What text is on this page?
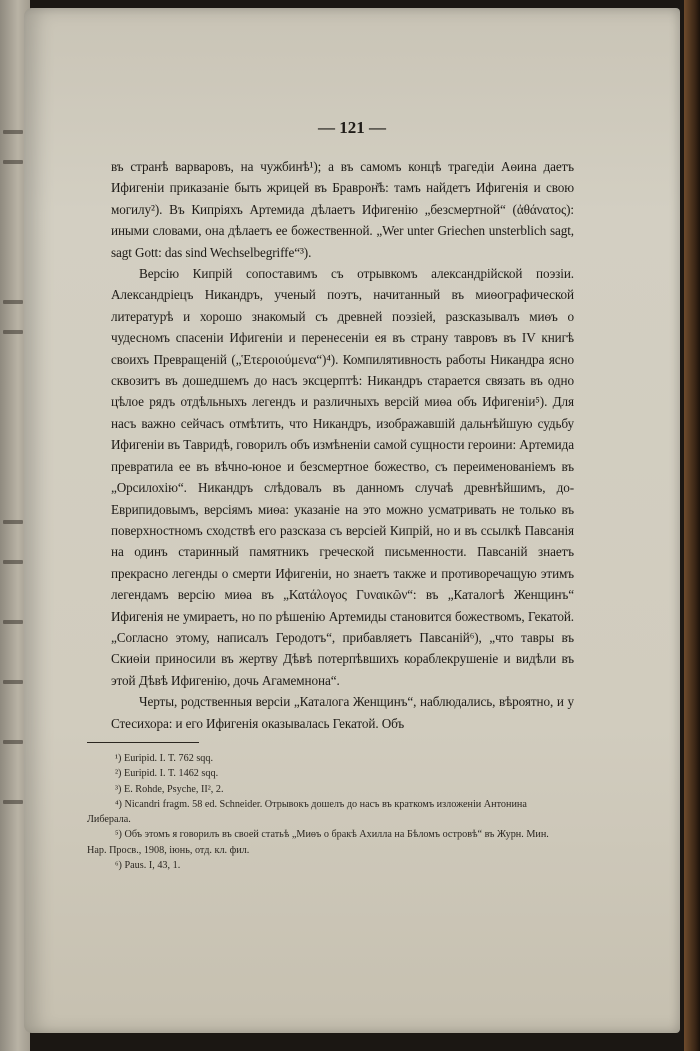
— 121 —

въ странѣ варваровъ, на чужбинѣ¹); а въ самомъ концѣ трагедіи Аѳина даетъ Ифигеніи приказаніе быть жрицей въ Браврон̆ѣ: тамъ найдетъ Ифигенія и свою могилу²). Въ Кипріяхъ Артемида дѣлаетъ Ифигенію „безсмертной“ (ἀθάνατος): иными словами, она дѣлаетъ ее божественной. „Wer unter Griechen unsterblich sagt, sagt Gott: das sind Wechselbegriffe“³).

Версію Кипрій сопоставимъ съ отрывкомъ александрійской поэзіи. Александріецъ Никандръ, ученый поэтъ, начитанный въ миѳографической литературѣ и хорошо знакомый съ древней поэзіей, разсказывалъ миѳъ о чудесномъ спасеніи Ифигеніи и перенесеніи ея въ страну тавровъ въ IV книгѣ своихъ Превращеній („Ἑτεροιούμενα“)⁴). Компилятивность работы Никандра ясно сквозитъ въ дошедшемъ до насъ эксцерптѣ: Никандръ старается связать въ одно цѣлое рядъ отдѣльныхъ легендъ и различныхъ версій миѳа объ Ифигеніи⁵). Для насъ важно сейчасъ отмѣтить, что Никандръ, изображавшій дальнѣйшую судьбу Ифигеніи въ Тавридѣ, говорилъ объ измѣненіи самой сущности героини: Артемида превратила ее въ вѣчно-юное и безсмертное божество, съ переименованіемъ въ „Орсилохію“. Никандръ слѣдовалъ въ данномъ случаѣ древнѣйшимъ, до-Еврипидовымъ, версіямъ миѳа: указаніе на это можно усматривать не только въ поверхностномъ сходствѣ его разсказа съ версіей Кипрій, но и въ ссылкѣ Павсанія на одинъ старинный памятникъ греческой письменности. Павсаній знаетъ прекрасно легенды о смерти Ифигеніи, но знаетъ также и противоречащую этимъ легендамъ версію миѳа въ „Κατάλογος Γυναικῶν“: въ „Каталогѣ Женщинъ“ Ифигенія не умираетъ, но по рѣшенію Артемиды становится божествомъ, Гекатой. „Согласно этому, написалъ Геродотъ“, прибавляетъ Павсаній⁶), „что тавры въ Скиѳіи приносили въ жертву Дѣвѣ потерпѣвшихъ кораблекрушеніе и видѣли въ этой Дѣвѣ Ифигенію, дочь Агамемнона“.

Черты, родственныя версіи „Каталога Женщинъ“, наблюдались, вѣроятно, и у Стесихора: и его Ифигенія оказывалась Гекатой. Объ

¹) Euripid. I. T. 762 sqq.

²) Euripid. I. T. 1462 sqq.

³) E. Rohde, Psyche, II², 2.

⁴) Nicandri fragm. 58 ed. Schneider. Отрывокъ дошелъ до насъ въ краткомъ изложеніи Антонина Либерала.

⁵) Объ этомъ я говорилъ въ своей статьѣ „Миѳъ о бракѣ Ахилла на Бѣломъ островѣ“ въ Журн. Мин. Нар. Просв., 1908, іюнь, отд. кл. фил.

⁶) Paus. I, 43, 1.
